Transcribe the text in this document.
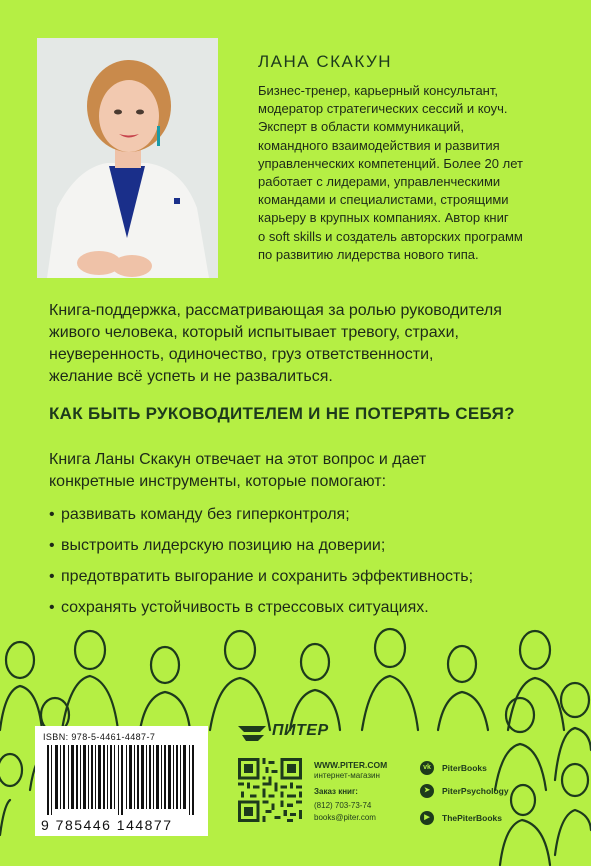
ЛАНА СКАКУН
Бизнес-тренер, карьерный консультант,
модератор стратегических сессий и коуч.
Эксперт в области коммуникаций,
командного взаимодействия и развития
управленческих компетенций. Более 20 лет
работает с лидерами, управленческими
командами и специалистами, строящими
карьеру в крупных компаниях. Автор книг
о soft skills и создатель авторских программ
по развитию лидерства нового типа.
Книга-поддержка, рассматривающая за ролью руководителя
живого человека, который испытывает тревогу, страхи,
неуверенность, одиночество, груз ответственности,
желание всё успеть и не развалиться.
КАК БЫТЬ РУКОВОДИТЕЛЕМ И НЕ ПОТЕРЯТЬ СЕБЯ?
Книга Ланы Скакун отвечает на этот вопрос и дает
конкретные инструменты, которые помогают:
• развивать команду без гиперконтроля;
• выстроить лидерскую позицию на доверии;
• предотвратить выгорание и сохранить эффективность;
• сохранять устойчивость в стрессовых ситуациях.
ISBN: 978-5-4461-4487-7
9 785446 144877
ПИТЕР
WWW.PITER.COM
интернет-магазин
Заказ книг:
(812) 703-73-74
books@piter.com
vk	PiterBooks
➤	PiterPsychology
▶	ThePiterBooks
